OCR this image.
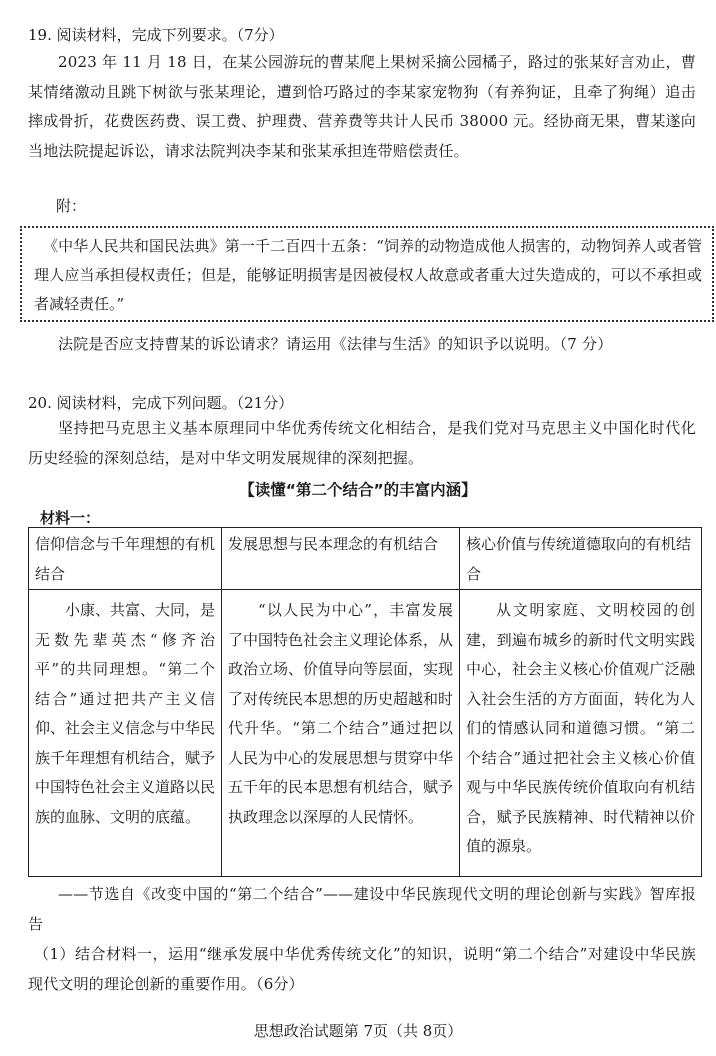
19. 阅读材料，完成下列要求。（7分）

2023 年 11 月 18 日，在某公园游玩的曹某爬上果树采摘公园橘子，路过的张某好言劝止，曹某情绪激动且跳下树欲与张某理论，遭到恰巧路过的李某家宠物狗（有养狗证，且牵了狗绳）追击摔成骨折，花费医药费、误工费、护理费、营养费等共计人民币 38000 元。经协商无果，曹某遂向当地法院提起诉讼，请求法院判决李某和张某承担连带赔偿责任。

附：

《中华人民共和国民法典》第一千二百四十五条：“饲养的动物造成他人损害的，动物饲养人或者管理人应当承担侵权责任；但是，能够证明损害是因被侵权人故意或者重大过失造成的，可以不承担或者减轻责任。”

法院是否应支持曹某的诉讼请求？请运用《法律与生活》的知识予以说明。（7 分）

20. 阅读材料，完成下列问题。（21分）

坚持把马克思主义基本原理同中华优秀传统文化相结合，是我们党对马克思主义中国化时代化历史经验的深刻总结，是对中华文明发展规律的深刻把握。

【读懂“第二个结合”的丰富内涵】
材料一：
信仰信念与千年理想的有机结合	发展思想与民本理念的有机结合	核心价值与传统道德取向的有机结合

小康、共富、大同，是无数先辈英杰“修齐治平”的共同理想。“第二个结合”通过把共产主义信仰、社会主义信念与中华民族千年理想有机结合，赋予中国特色社会主义道路以民族的血脉、文明的底蕴。	“以人民为中心”，丰富发展了中国特色社会主义理论体系，从政治立场、价值导向等层面，实现了对传统民本思想的历史超越和时代升华。“第二个结合”通过把以人民为中心的发展思想与贯穿中华五千年的民本思想有机结合，赋予执政理念以深厚的人民情怀。	从文明家庭、文明校园的创建，到遍布城乡的新时代文明实践中心，社会主义核心价值观广泛融入社会生活的方方面面，转化为人们的情感认同和道德习惯。“第二个结合”通过把社会主义核心价值观与中华民族传统价值取向有机结合，赋予民族精神、时代精神以价值的源泉。

——节选自《改变中国的“第二个结合”——建设中华民族现代文明的理论创新与实践》智库报告

（1）结合材料一，运用“继承发展中华优秀传统文化”的知识，说明“第二个结合”对建设中华民族现代文明的理论创新的重要作用。（6分）

思想政治试题第 7页（共 8页）
